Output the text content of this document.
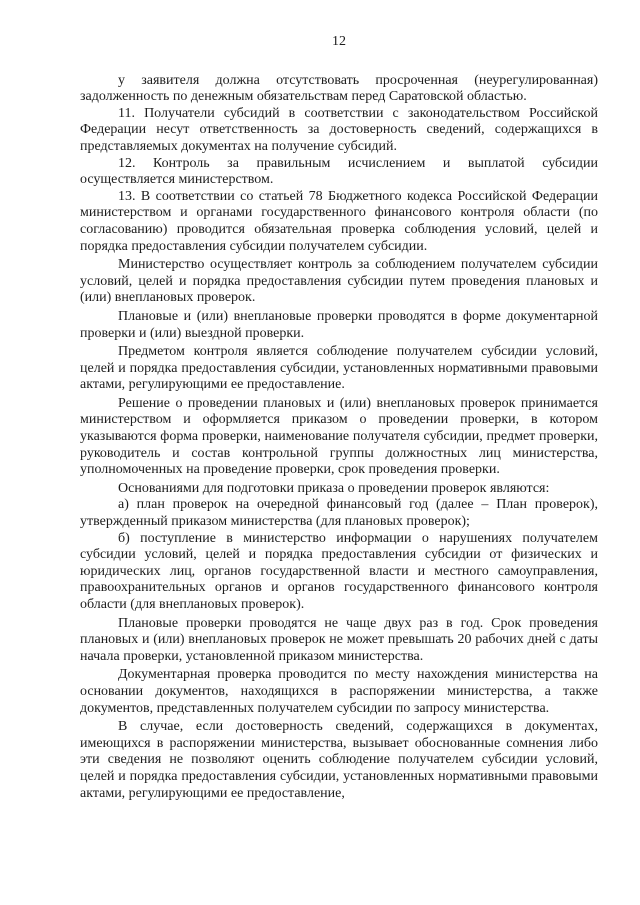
12

у заявителя должна отсутствовать просроченная (неурегулированная) задолженность по денежным обязательствам перед Саратовской областью.

11. Получатели субсидий в соответствии с законодательством Российской Федерации несут ответственность за достоверность сведений, содержащихся в представляемых документах на получение субсидий.

12. Контроль за правильным исчислением и выплатой субсидии осуществляется министерством.

13. В соответствии со статьей 78 Бюджетного кодекса Российской Федерации министерством и органами государственного финансового контроля области (по согласованию) проводится обязательная проверка соблюдения условий, целей и порядка предоставления субсидии получателем субсидии.

Министерство осуществляет контроль за соблюдением получателем субсидии условий, целей и порядка предоставления субсидии путем проведения плановых и (или) внеплановых проверок.

Плановые и (или) внеплановые проверки проводятся в форме документарной проверки и (или) выездной проверки.

Предметом контроля является соблюдение получателем субсидии условий, целей и порядка предоставления субсидии, установленных нормативными правовыми актами, регулирующими ее предоставление.

Решение о проведении плановых и (или) внеплановых проверок принимается министерством и оформляется приказом о проведении проверки, в котором указываются форма проверки, наименование получателя субсидии, предмет проверки, руководитель и состав контрольной группы должностных лиц министерства, уполномоченных на проведение проверки, срок проведения проверки.

Основаниями для подготовки приказа о проведении проверок являются:

а) план проверок на очередной финансовый год (далее – План проверок), утвержденный приказом министерства (для плановых проверок);

б) поступление в министерство информации о нарушениях получателем субсидии условий, целей и порядка предоставления субсидии от физических и юридических лиц, органов государственной власти и местного самоуправления, правоохранительных органов и органов государственного финансового контроля области (для внеплановых проверок).

Плановые проверки проводятся не чаще двух раз в год. Срок проведения плановых и (или) внеплановых проверок не может превышать 20 рабочих дней с даты начала проверки, установленной приказом министерства.

Документарная проверка проводится по месту нахождения министерства на основании документов, находящихся в распоряжении министерства, а также документов, представленных получателем субсидии по запросу министерства.

В случае, если достоверность сведений, содержащихся в документах, имеющихся в распоряжении министерства, вызывает обоснованные сомнения либо эти сведения не позволяют оценить соблюдение получателем субсидии условий, целей и порядка предоставления субсидии, установленных нормативными правовыми актами, регулирующими ее предоставление,
